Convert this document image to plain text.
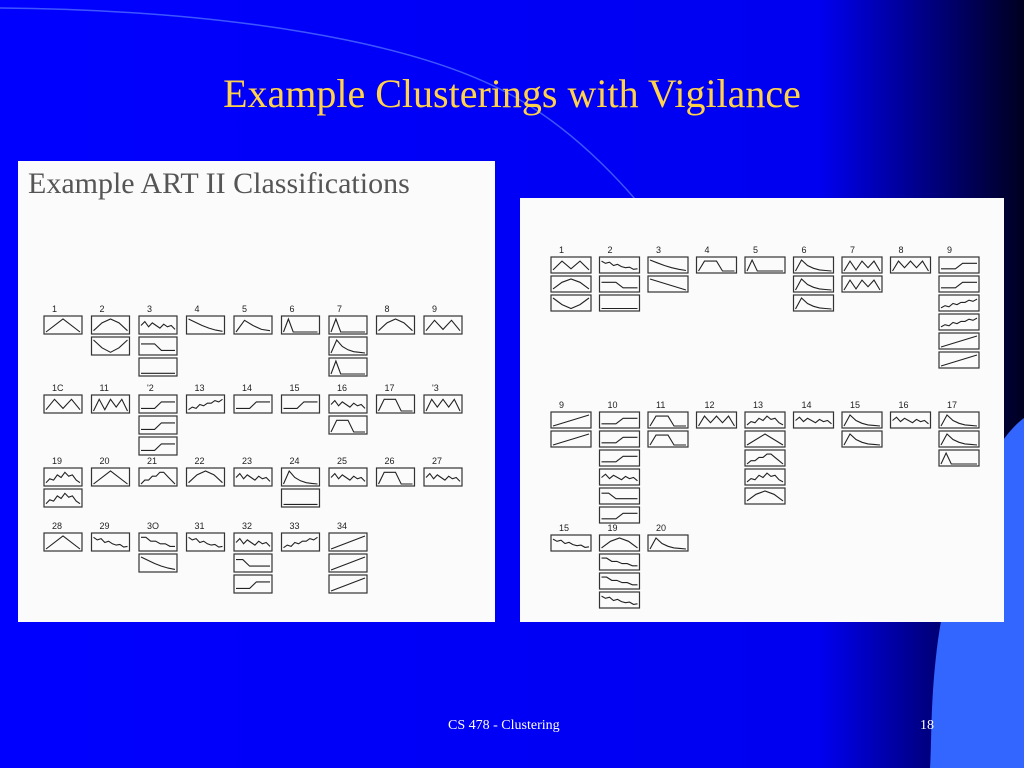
Example Clusterings with Vigilance
Example ART II Classifications
1	2	3	4	5	6	7	8	9
1C	11	'2	13	14	15	16	17	'3
19	20	21	22	23	24	25	26	27
28	29	3O	31	32	33	34
1	2	3	4	5	6	7	8	9
9	10	11	12	13	14	15	16	17
15	19	20
CS 478 - Clustering	18
